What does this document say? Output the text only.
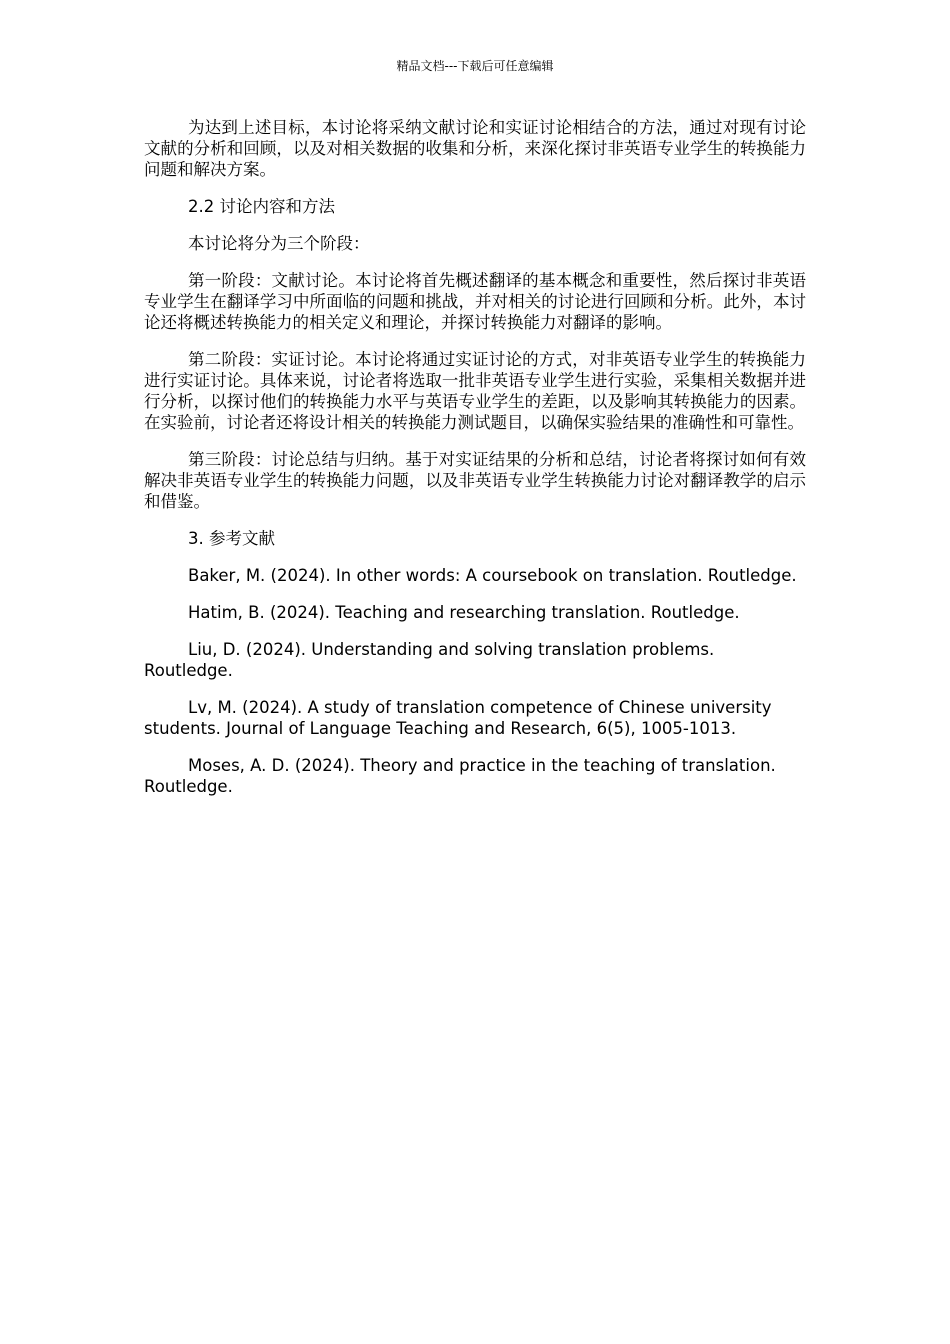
精品文档---下载后可任意编辑

为达到上述目标，本讨论将采纳文献讨论和实证讨论相结合的方法，通过对现有讨论文献的分析和回顾，以及对相关数据的收集和分析，来深化探讨非英语专业学生的转换能力问题和解决方案。

2.2 讨论内容和方法

本讨论将分为三个阶段：

第一阶段：文献讨论。本讨论将首先概述翻译的基本概念和重要性，然后探讨非英语专业学生在翻译学习中所面临的问题和挑战，并对相关的讨论进行回顾和分析。此外，本讨论还将概述转换能力的相关定义和理论，并探讨转换能力对翻译的影响。

第二阶段：实证讨论。本讨论将通过实证讨论的方式，对非英语专业学生的转换能力进行实证讨论。具体来说，讨论者将选取一批非英语专业学生进行实验，采集相关数据并进行分析，以探讨他们的转换能力水平与英语专业学生的差距，以及影响其转换能力的因素。在实验前，讨论者还将设计相关的转换能力测试题目，以确保实验结果的准确性和可靠性。

第三阶段：讨论总结与归纳。基于对实证结果的分析和总结，讨论者将探讨如何有效解决非英语专业学生的转换能力问题，以及非英语专业学生转换能力讨论对翻译教学的启示和借鉴。

3. 参考文献

Baker, M. (2024). In other words: A coursebook on translation. Routledge.

Hatim, B. (2024). Teaching and researching translation. Routledge.

Liu, D. (2024). Understanding and solving translation problems. Routledge.

Lv, M. (2024). A study of translation competence of Chinese university students. Journal of Language Teaching and Research, 6(5), 1005-1013.

Moses, A. D. (2024). Theory and practice in the teaching of translation. Routledge.
